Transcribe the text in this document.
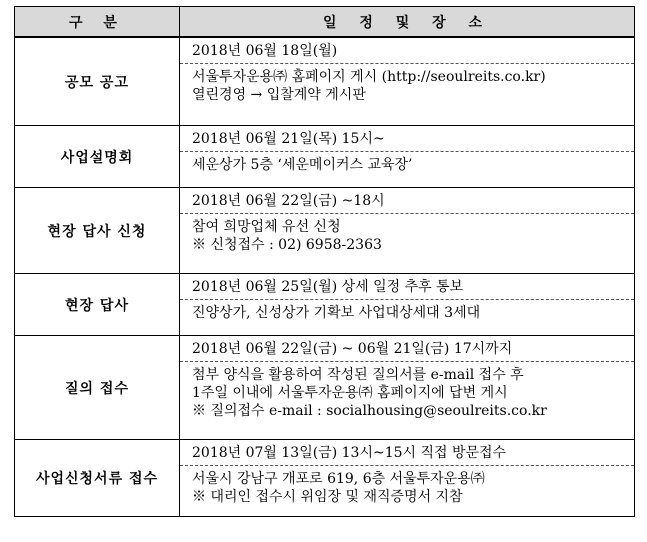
구 분	일 정 및 장 소
공모 공고	2018년 06월 18일(월)
서울투자운용㈜ 홈페이지 게시 (http://seoulreits.co.kr)
열린경영 → 입찰계약 게시판

사업설명회	2018년 06월 21일(목) 15시~
세운상가 5층 ‘세운메이커스 교육장’

현장 답사 신청	2018년 06월 22일(금) ~18시
참여 희망업체 유선 신청
※ 신청접수 : 02) 6958-2363

현장 답사	2018년 06월 25일(월) 상세 일정 추후 통보
진양상가, 신성상가 기확보 사업대상세대 3세대

질의 접수	2018년 06월 22일(금) ~ 06월 21일(금) 17시까지
첨부 양식을 활용하여 작성된 질의서를 e-mail 접수 후
1주일 이내에 서울투자운용㈜ 홈페이지에 답변 게시
※ 질의접수 e-mail : socialhousing@seoulreits.co.kr

사업신청서류 접수	2018년 07월 13일(금) 13시~15시 직접 방문접수
서울시 강남구 개포로 619, 6층 서울투자운용㈜
※ 대리인 접수시 위임장 및 재직증명서 지참
